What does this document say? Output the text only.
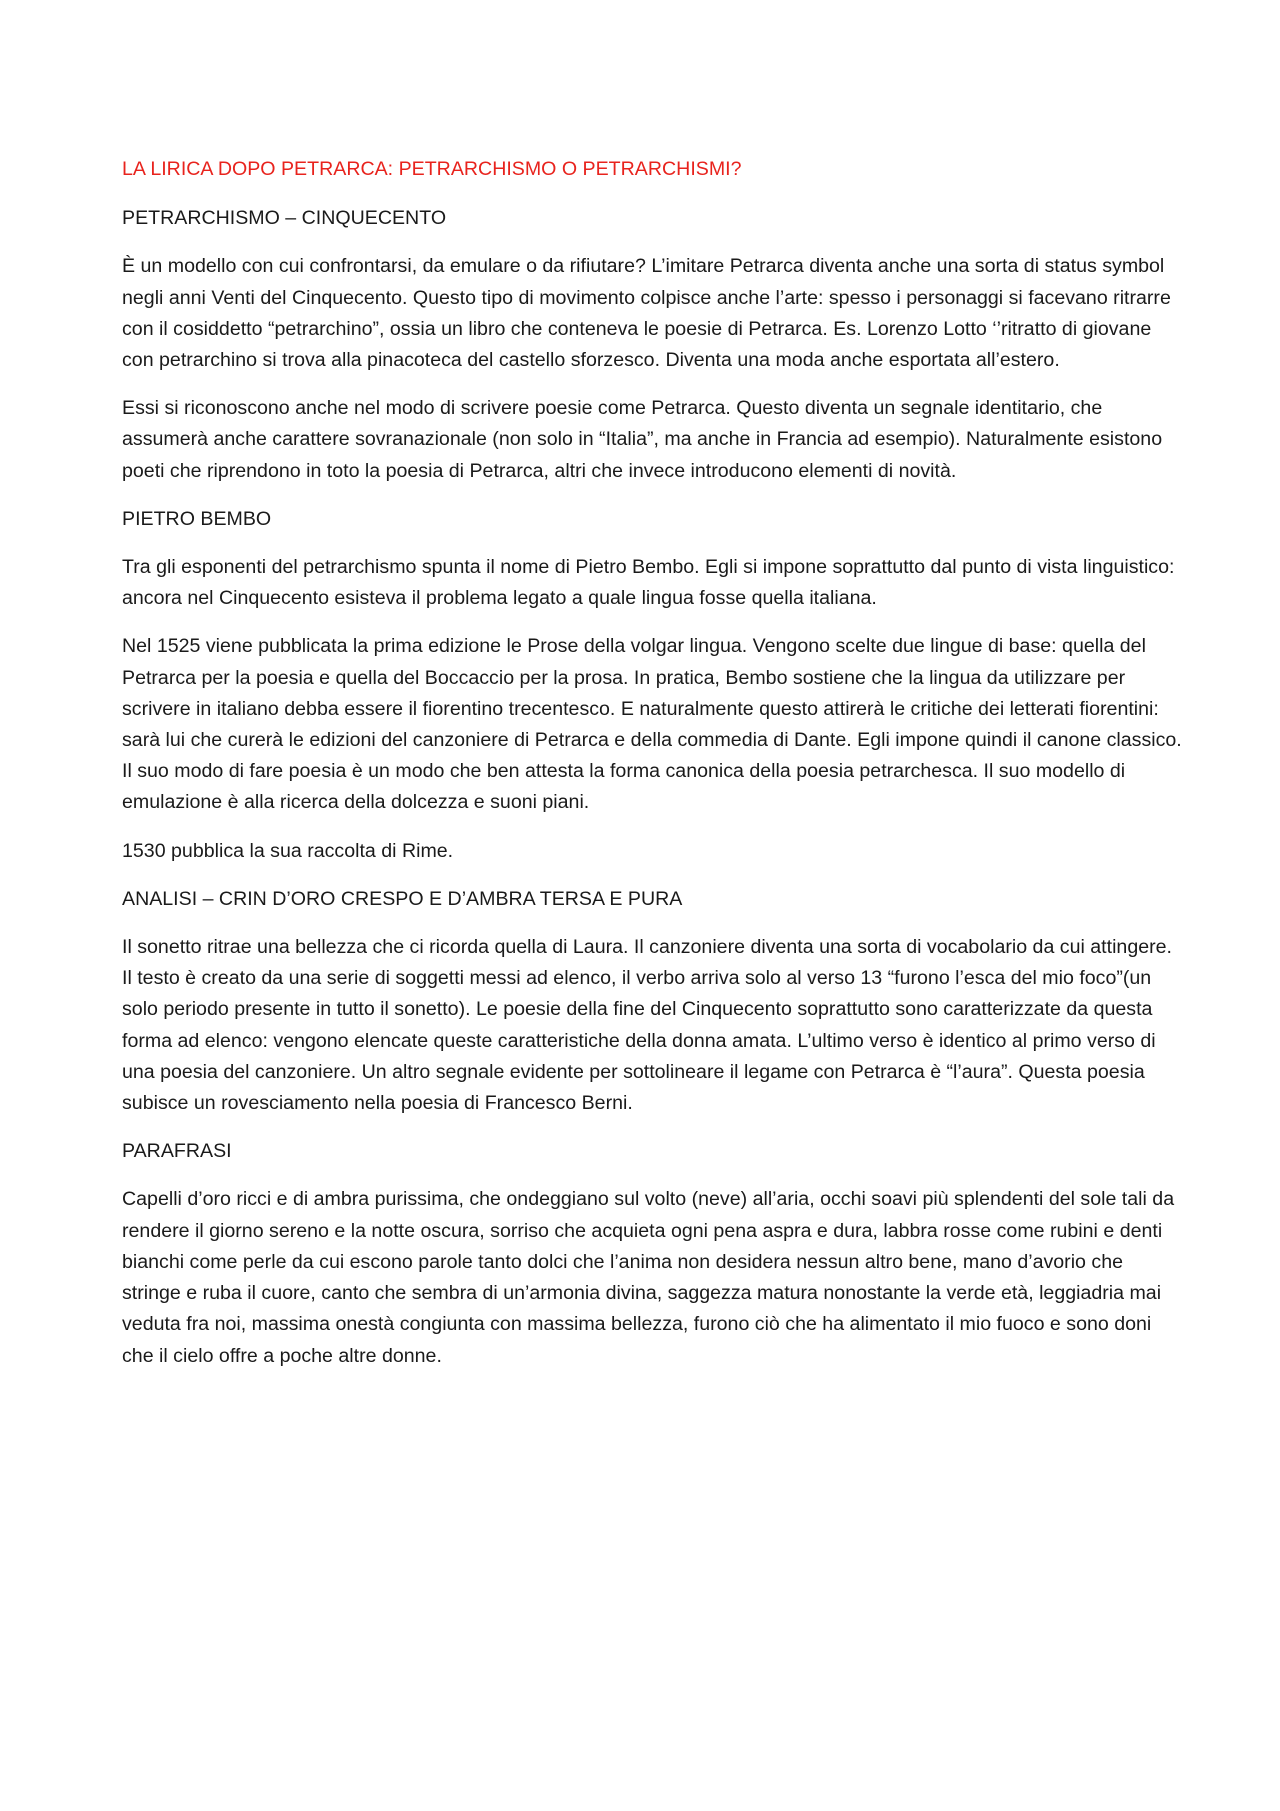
LA LIRICA DOPO PETRARCA: PETRARCHISMO O PETRARCHISMI?

PETRARCHISMO – CINQUECENTO

È un modello con cui confrontarsi, da emulare o da rifiutare? L’imitare Petrarca diventa anche una sorta di status symbol negli anni Venti del Cinquecento. Questo tipo di movimento colpisce anche l’arte: spesso i personaggi si facevano ritrarre con il cosiddetto “petrarchino”, ossia un libro che conteneva le poesie di Petrarca. Es. Lorenzo Lotto ‘’ritratto di giovane con petrarchino si trova alla pinacoteca del castello sforzesco. Diventa una moda anche esportata all’estero.

Essi si riconoscono anche nel modo di scrivere poesie come Petrarca. Questo diventa un segnale identitario, che assumerà anche carattere sovranazionale (non solo in “Italia”, ma anche in Francia ad esempio). Naturalmente esistono poeti che riprendono in toto la poesia di Petrarca, altri che invece introducono elementi di novità.

PIETRO BEMBO

Tra gli esponenti del petrarchismo spunta il nome di Pietro Bembo. Egli si impone soprattutto dal punto di vista linguistico: ancora nel Cinquecento esisteva il problema legato a quale lingua fosse quella italiana.

Nel 1525 viene pubblicata la prima edizione le Prose della volgar lingua. Vengono scelte due lingue di base: quella del Petrarca per la poesia e quella del Boccaccio per la prosa. In pratica, Bembo sostiene che la lingua da utilizzare per scrivere in italiano debba essere il fiorentino trecentesco. E naturalmente questo attirerà le critiche dei letterati fiorentini: sarà lui che curerà le edizioni del canzoniere di Petrarca e della commedia di Dante. Egli impone quindi il canone classico. Il suo modo di fare poesia è un modo che ben attesta la forma canonica della poesia petrarchesca. Il suo modello di emulazione è alla ricerca della dolcezza e suoni piani.

1530 pubblica la sua raccolta di Rime.

ANALISI – CRIN D’ORO CRESPO E D’AMBRA TERSA E PURA

Il sonetto ritrae una bellezza che ci ricorda quella di Laura. Il canzoniere diventa una sorta di vocabolario da cui attingere. Il testo è creato da una serie di soggetti messi ad elenco, il verbo arriva solo al verso 13 “furono l’esca del mio foco”(un solo periodo presente in tutto il sonetto). Le poesie della fine del Cinquecento soprattutto sono caratterizzate da questa forma ad elenco: vengono elencate queste caratteristiche della donna amata. L’ultimo verso è identico al primo verso di una poesia del canzoniere. Un altro segnale evidente per sottolineare il legame con Petrarca è “l’aura”. Questa poesia subisce un rovesciamento nella poesia di Francesco Berni.

PARAFRASI

Capelli d’oro ricci e di ambra purissima, che ondeggiano sul volto (neve) all’aria, occhi soavi più splendenti del sole tali da rendere il giorno sereno e la notte oscura, sorriso che acquieta ogni pena aspra e dura, labbra rosse come rubini e denti bianchi come perle da cui escono parole tanto dolci che l’anima non desidera nessun altro bene, mano d’avorio che stringe e ruba il cuore, canto che sembra di un’armonia divina, saggezza matura nonostante la verde età, leggiadria mai veduta fra noi, massima onestà congiunta con massima bellezza, furono ciò che ha alimentato il mio fuoco e sono doni che il cielo offre a poche altre donne.
